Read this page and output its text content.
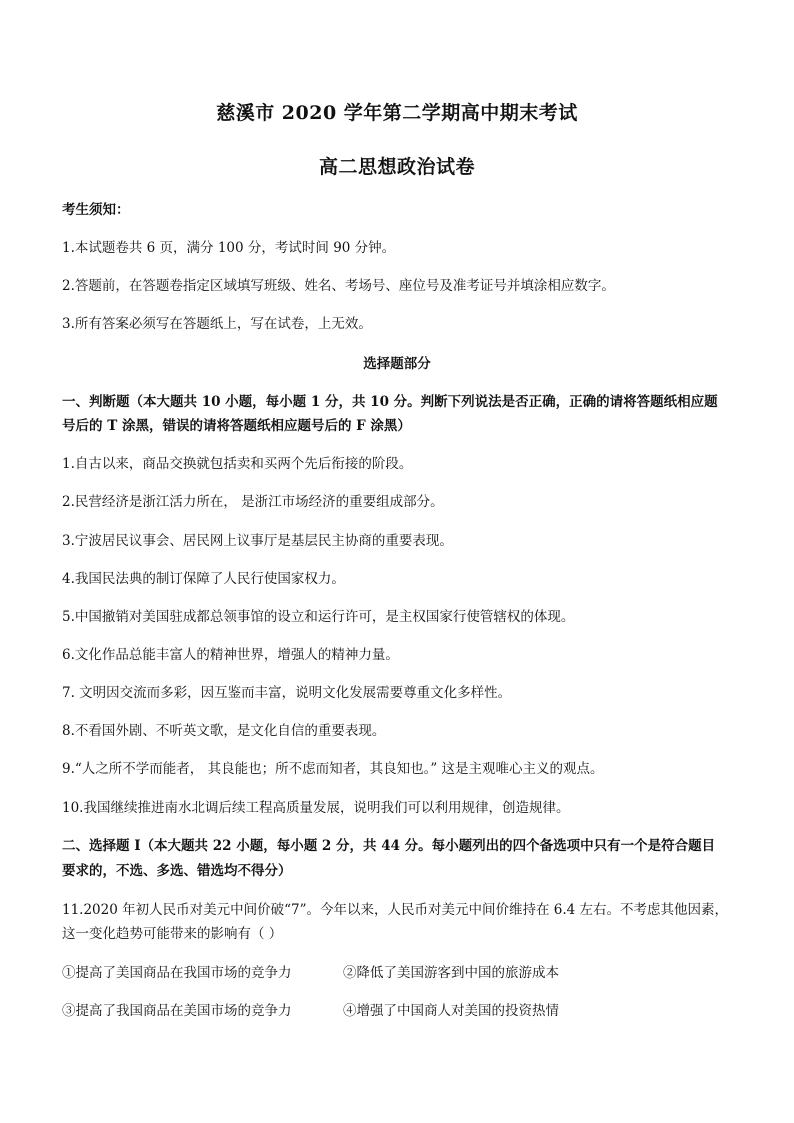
慈溪市 2020 学年第二学期高中期末考试
高二思想政治试卷
考生须知：
1.本试题卷共 6 页，满分 100 分，考试时间 90 分钟。
2.答题前，在答题卷指定区域填写班级、姓名、考场号、座位号及准考证号并填涂相应数字。
3.所有答案必须写在答题纸上，写在试卷，上无效。
选择题部分
一、判断题（本大题共 10 小题，每小题 1 分，共 10 分。判断下列说法是否正确，正确的请将答题纸相应题
号后的 T 涂黑，错误的请将答题纸相应题号后的 F 涂黑）
1.自古以来，商品交换就包括卖和买两个先后衔接的阶段。
2.民营经济是浙江活力所在， 是浙江市场经济的重要组成部分。
3.宁波居民议事会、居民网上议事厅是基层民主协商的重要表现。
4.我国民法典的制订保障了人民行使国家权力。
5.中国撤销对美国驻成都总领事馆的设立和运行许可，是主权国家行使管辖权的体现。
6.文化作品总能丰富人的精神世界，增强人的精神力量。
7. 文明因交流而多彩，因互鉴而丰富，说明文化发展需要尊重文化多样性。
8.不看国外剧、不听英文歌，是文化自信的重要表现。
9.“人之所不学而能者， 其良能也；所不虑而知者，其良知也。” 这是主观唯心主义的观点。
10.我国继续推进南水北调后续工程高质量发展，说明我们可以利用规律，创造规律。
二、选择题 I（本大题共 22 小题，每小题 2 分，共 44 分。每小题列出的四个备选项中只有一个是符合题目
要求的，不选、多选、错选均不得分）
11.2020 年初人民币对美元中间价破“7”。今年以来，人民币对美元中间价维持在 6.4 左右。不考虑其他因素，
这一变化趋势可能带来的影响有（ ）
①提高了美国商品在我国市场的竞争力	②降低了美国游客到中国的旅游成本
③提高了我国商品在美国市场的竞争力	④增强了中国商人对美国的投资热情
